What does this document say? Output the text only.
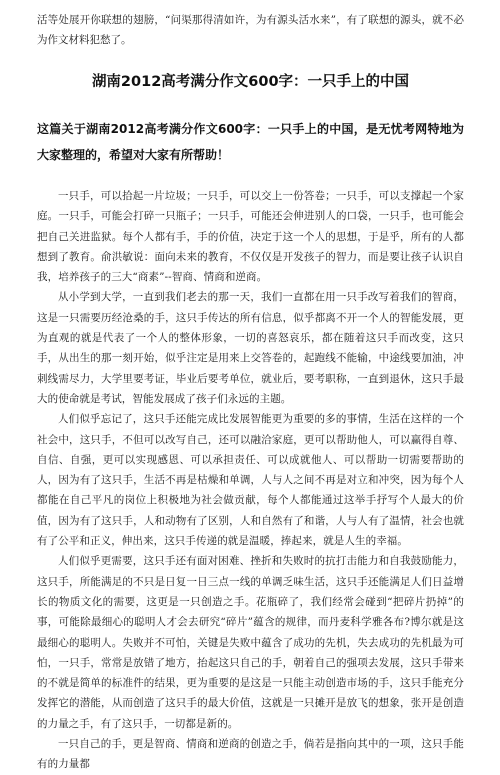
活等处展开你联想的翅膀，“问渠那得清如许，为有源头活水来”，有了联想的源头，就不必为作文材料犯愁了。

湖南2012高考满分作文600字：一只手上的中国

这篇关于湖南2012高考满分作文600字：一只手上的中国，是无忧考网特地为大家整理的，希望对大家有所帮助！

一只手，可以拾起一片垃圾；一只手，可以交上一份答卷；一只手，可以支撑起一个家庭。一只手，可能会打碎一只瓶子；一只手，可能还会伸进别人的口袋，一只手，也可能会把自己关进监狱。每个人都有手，手的价值，决定于这一个人的思想，于是乎，所有的人都想到了教育。俞洪敏说：面向未来的教育，不仅仅是开发孩子的智力，而是要让孩子认识自我，培养孩子的三大“商素”--智商、情商和逆商。

从小学到大学，一直到我们老去的那一天，我们一直都在用一只手改写着我们的智商，这是一只需要历经沧桑的手，这只手传达的所有信息，似乎都离不开一个人的智能发展，更为直观的就是代表了一个人的整体形象，一切的喜怒哀乐，都在随着这只手而改变，这只手，从出生的那一刻开始，似乎注定是用来上交答卷的，起跑线不能输，中途线要加油，冲刺线需尽力，大学里要考证，毕业后要考单位，就业后，要考职称，一直到退休，这只手最大的使命就是考试，智能发展成了孩子们永远的主题。

人们似乎忘记了，这只手还能完成比发展智能更为重要的多的事情，生活在这样的一个社会中，这只手，不但可以改写自己，还可以融洽家庭，更可以帮助他人，可以赢得自尊、自信、自强，更可以实现感恩、可以承担责任、可以成就他人、可以帮助一切需要帮助的人，因为有了这只手，生活不再是枯燥和单调，人与人之间不再是对立和冲突，因为每个人都能在自己平凡的岗位上积极地为社会做贡献，每个人都能通过这举手抒写个人最大的价值，因为有了这只手，人和动物有了区别，人和自然有了和谐，人与人有了温情，社会也就有了公平和正义，伸出来，这只手传递的就是温暖，捧起来，就是人生的幸福。

人们似乎更需要，这只手还有面对困难、挫折和失败时的抗打击能力和自我鼓励能力，这只手，所能满足的不只是日复一日三点一线的单调乏味生活，这只手还能满足人们日益增长的物质文化的需要，这更是一只创造之手。花瓶碎了，我们经常会碰到“把碎片扔掉”的事，可能除最细心的聪明人才会去研究“碎片”蕴含的规律，而丹麦科学雅各布?博尔就是这最细心的聪明人。失败并不可怕，关键是失败中蕴含了成功的先机，失去成功的先机最为可怕，一只手，常常是放错了地方，抬起这只自己的手，朝着自己的强项去发展，这只手带来的不就是简单的标准件的结果，更为重要的是这是一只能主动创造市场的手，这只手能充分发挥它的潜能，从而创造了这只手的最大价值，这就是一只摊开是放飞的想象，张开是创造的力量之手，有了这只手，一切都是新的。

一只自己的手，更是智商、情商和逆商的创造之手，倘若是指向其中的一项，这只手能有的力量都
